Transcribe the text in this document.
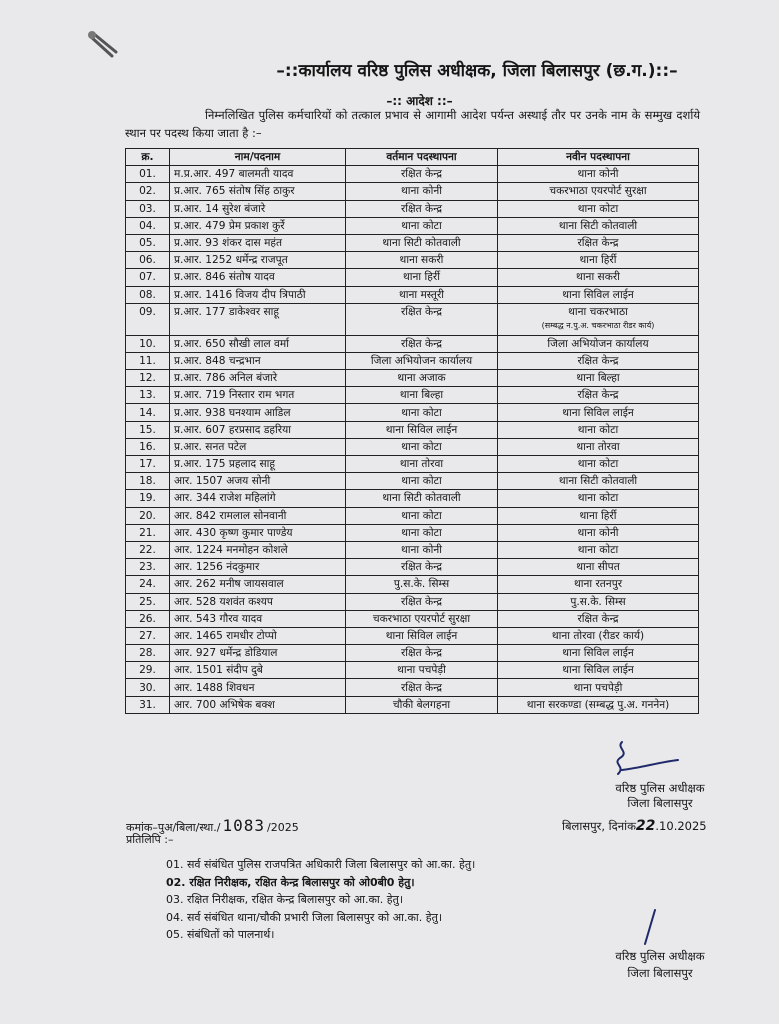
–::कार्यालय वरिष्ठ पुलिस अधीक्षक, जिला बिलासपुर (छ.ग.)::–
–:: आदेश ::–
निम्नलिखित पुलिस कर्मचारियों को तत्काल प्रभाव से आगामी आदेश पर्यन्त अस्थाई तौर पर उनके नाम के सम्मुख दर्शाये स्थान पर पदस्थ किया जाता है :–
क्र.	नाम/पदनाम	वर्तमान पदस्थापना	नवीन पदस्थापना
01.	म.प्र.आर. 497 बालमती यादव	रक्षित केन्द्र	थाना कोनी
02.	प्र.आर. 765 संतोष सिंह ठाकुर	थाना कोनी	चकरभाठा एयरपोर्ट सुरक्षा
03.	प्र.आर. 14 सुरेश बंजारे	रक्षित केन्द्र	थाना कोटा
04.	प्र.आर. 479 प्रेम प्रकाश कुर्रे	थाना कोटा	थाना सिटी कोतवाली
05.	प्र.आर. 93 शंकर दास महंत	थाना सिटी कोतवाली	रक्षित केन्द्र
06.	प्र.आर. 1252 धर्मेन्द्र राजपूत	थाना सकरी	थाना हिर्री
07.	प्र.आर. 846 संतोष यादव	थाना हिर्री	थाना सकरी
08.	प्र.आर. 1416 विजय दीप त्रिपाठी	थाना मस्तूरी	थाना सिविल लाईन
09.	प्र.आर. 177 डाकेश्वर साहू	रक्षित केन्द्र	थाना चकरभाठा
(सम्बद्ध न.पु.अ. चकरभाठा रीडर कार्य)

10.	प्र.आर. 650 सौखी लाल वर्मा	रक्षित केन्द्र	जिला अभियोजन कार्यालय
11.	प्र.आर. 848 चन्द्रभान	जिला अभियोजन कार्यालय	रक्षित केन्द्र
12.	प्र.आर. 786 अनिल बंजारे	थाना अजाक	थाना बिल्हा
13.	प्र.आर. 719 निस्तार राम भगत	थाना बिल्हा	रक्षित केन्द्र
14.	प्र.आर. 938 घनश्याम आडिल	थाना कोटा	थाना सिविल लाईन
15.	प्र.आर. 607 हरप्रसाद डहरिया	थाना सिविल लाईन	थाना कोटा
16.	प्र.आर. सनत पटेल	थाना कोटा	थाना तोरवा
17.	प्र.आर. 175 प्रहलाद साहू	थाना तोरवा	थाना कोटा
18.	आर. 1507 अजय सोनी	थाना कोटा	थाना सिटी कोतवाली
19.	आर. 344 राजेश महिलांगे	थाना सिटी कोतवाली	थाना कोटा
20.	आर. 842 रामलाल सोनवानी	थाना कोटा	थाना हिर्री
21.	आर. 430 कृष्ण कुमार पाण्डेय	थाना कोटा	थाना कोनी
22.	आर. 1224 मनमोहन कोशले	थाना कोनी	थाना कोटा
23.	आर. 1256 नंदकुमार	रक्षित केन्द्र	थाना सीपत
24.	आर. 262 मनीष जायसवाल	पु.स.के. सिम्स	थाना रतनपुर
25.	आर. 528 यशवंत कश्यप	रक्षित केन्द्र	पु.स.के. सिम्स
26.	आर. 543 गौरव यादव	चकरभाठा एयरपोर्ट सुरक्षा	रक्षित केन्द्र
27.	आर. 1465 रामधीर टोप्पो	थाना सिविल लाईन	थाना तोरवा (रीडर कार्य)
28.	आर. 927 धर्मेन्द्र डोडियाल	रक्षित केन्द्र	थाना सिविल लाईन
29.	आर. 1501 संदीप दुबे	थाना पचपेड़ी	थाना सिविल लाईन
30.	आर. 1488 शिवधन	रक्षित केन्द्र	थाना पचपेड़ी
31.	आर. 700 अभिषेक बक्श	चौकी बेलगहना	थाना सरकण्डा (सम्बद्ध पु.अ. गननेन)
वरिष्ठ पुलिस अधीक्षक
जिला बिलासपुर
कमांक–पुअ/बिला/स्था./ 1083 /2025	बिलासपुर, दिनांक22.10.2025
प्रतिलिपि :–
01. सर्व संबंधित पुलिस राजपत्रित अधिकारी जिला बिलासपुर को आ.का. हेतु।
02. रक्षित निरीक्षक, रक्षित केन्द्र बिलासपुर को ओ0बी0 हेतु।
03. रक्षित निरीक्षक, रक्षित केन्द्र बिलासपुर को आ.का. हेतु।
04. सर्व संबंधित थाना/चौकी प्रभारी जिला बिलासपुर को आ.का. हेतु।
05. संबंधितों को पालनार्थ।
वरिष्ठ पुलिस अधीक्षक
जिला बिलासपुर
